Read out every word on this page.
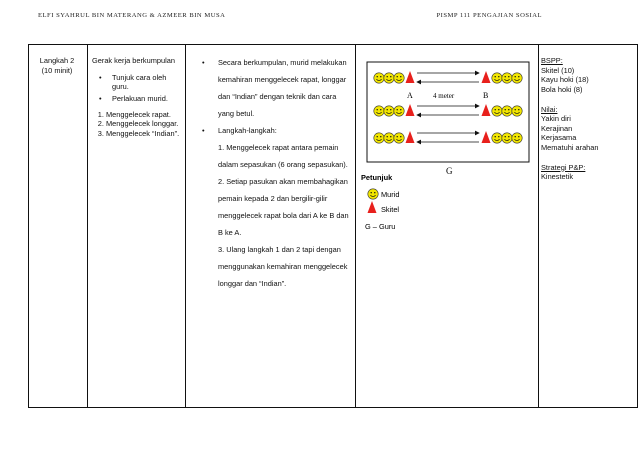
ELFI SYAHRUL BIN MATERANG & AZMEER BIN MUSA	PISMP 111 PENGAJIAN SOSIAL
Langkah 2
(10 minit)
Gerak kerja berkumpulan
• Tunjuk cara oleh guru.
• Perlakuan murid.
1. Menggelecek rapat.
2. Menggelecek longgar.
3. Menggelecek “Indian”.
• Secara berkumpulan, murid melakukan kemahiran menggelecek rapat, longgar dan “Indian” dengan teknik dan cara yang betul.
• Langkah-langkah:
1. Menggelecek rapat antara pemain dalam sepasukan (6 orang sepasukan).
2. Setiap pasukan akan membahagikan pemain kepada 2 dan bergilir-gilir menggelecek rapat bola dari A ke B dan B ke A.
3. Ulang langkah 1 dan 2 tapi dengan menggunakan kemahiran menggelecek longgar dan “Indian”.
A	4 meter	B
G
Petunjuk
Murid
Skitel
G – Guru
BSPP:
Skitel (10)
Kayu hoki (18)
Bola hoki (8)
Nilai:
Yakin diri
Kerajinan
Kerjasama
Mematuhi arahan
Strategi P&P:
Kinestetik
